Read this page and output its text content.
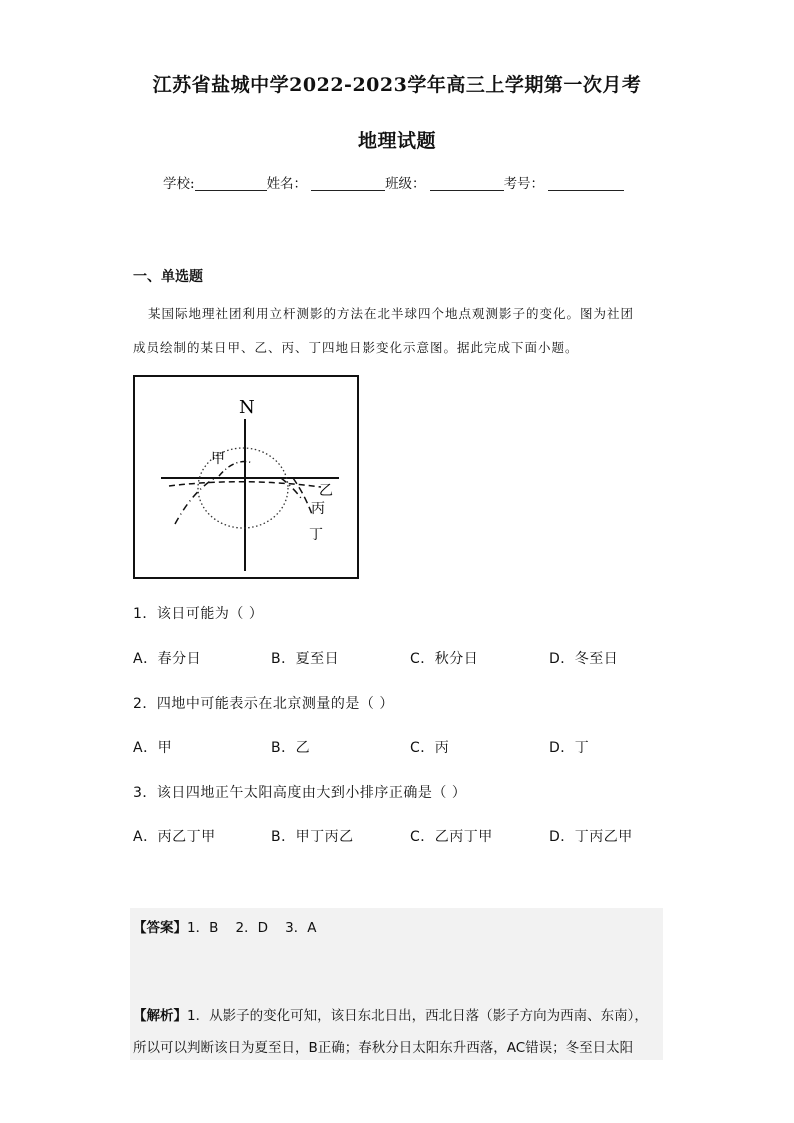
江苏省盐城中学2022-2023学年高三上学期第一次月考
地理试题
学校:	姓名：	班级：	考号：
一、单选题
某国际地理社团利用立杆测影的方法在北半球四个地点观测影子的变化。图为社团
成员绘制的某日甲、乙、丙、丁四地日影变化示意图。据此完成下面小题。
N
甲
乙
丙
丁
1．该日可能为（ ）
A．春分日	B．夏至日	C．秋分日	D．冬至日
2．四地中可能表示在北京测量的是（ ）
A．甲	B．乙	C．丙	D．丁
3．该日四地正午太阳高度由大到小排序正确是（ ）
A．丙乙丁甲	B．甲丁丙乙	C．乙丙丁甲	D．丁丙乙甲
【答案】1．B    2．D    3．A
【解析】1．从影子的变化可知，该日东北日出，西北日落（影子方向为西南、东南），
所以可以判断该日为夏至日，B正确；春秋分日太阳东升西落，AC错误；冬至日太阳
